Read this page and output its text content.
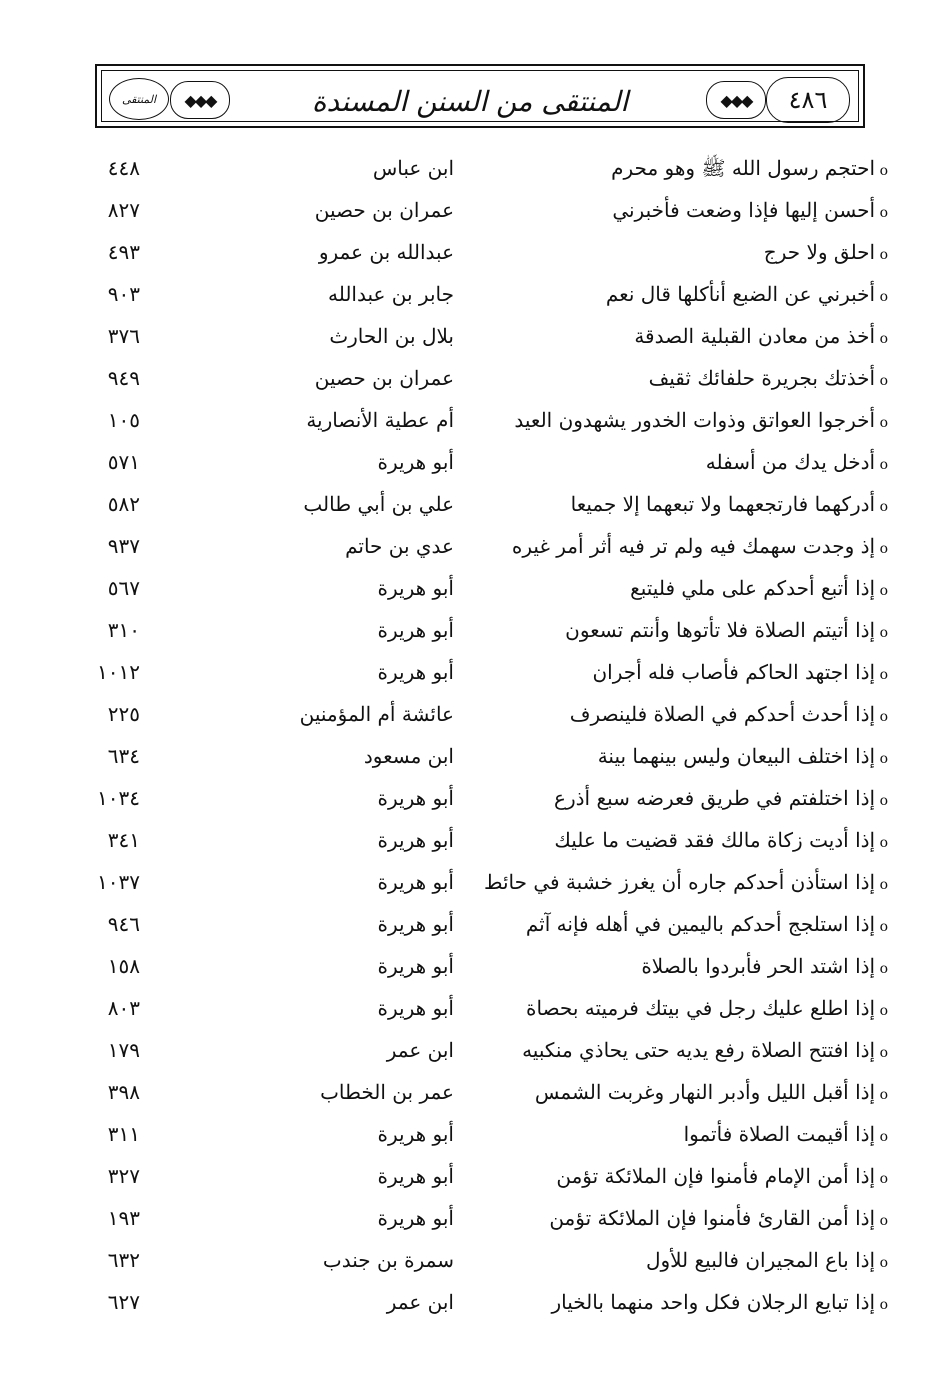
المنتقى	◆◆◆	المنتقى من السنن المسندة	◆◆◆	٤٨٦
o احتجم رسول الله ﷺ وهو محرم
ابن عباس
٤٤٨
o أحسن إليها فإذا وضعت فأخبرني
عمران بن حصين
٨٢٧
o احلق ولا حرج
عبدالله بن عمرو
٤٩٣
o أخبرني عن الضبع أنأكلها قال نعم
جابر بن عبدالله
٩٠٣
o أخذ من معادن القبلية الصدقة
بلال بن الحارث
٣٧٦
o أخذتك بجريرة حلفائك ثقيف
عمران بن حصين
٩٤٩
o أخرجوا العواتق وذوات الخدور يشهدون العيد
أم عطية الأنصارية
١٠٥
o أدخل يدك من أسفله
أبو هريرة
٥٧١
o أدركهما فارتجعهما ولا تبعهما إلا جميعا
علي بن أبي طالب
٥٨٢
o إذ وجدت سهمك فيه ولم تر فيه أثر أمر غيره
عدي بن حاتم
٩٣٧
o إذا أتبع أحدكم على ملي فليتبع
أبو هريرة
٥٦٧
o إذا أتيتم الصلاة فلا تأتوها وأنتم تسعون
أبو هريرة
٣١٠
o إذا اجتهد الحاكم فأصاب فله أجران
أبو هريرة
١٠١٢
o إذا أحدث أحدكم في الصلاة فلينصرف
عائشة أم المؤمنين
٢٢٥
o إذا اختلف البيعان وليس بينهما بينة
ابن مسعود
٦٣٤
o إذا اختلفتم في طريق فعرضه سبع أذرع
أبو هريرة
١٠٣٤
o إذا أديت زكاة مالك فقد قضيت ما عليك
أبو هريرة
٣٤١
o إذا استأذن أحدكم جاره أن يغرز خشبة في حائط
أبو هريرة
١٠٣٧
o إذا استلجج أحدكم باليمين في أهله فإنه آثم
أبو هريرة
٩٤٦
o إذا اشتد الحر فأبردوا بالصلاة
أبو هريرة
١٥٨
o إذا اطلع عليك رجل في بيتك فرميته بحصاة
أبو هريرة
٨٠٣
o إذا افتتح الصلاة رفع يديه حتى يحاذي منكبيه
ابن عمر
١٧٩
o إذا أقبل الليل وأدبر النهار وغربت الشمس
عمر بن الخطاب
٣٩٨
o إذا أقيمت الصلاة فأتموا
أبو هريرة
٣١١
o إذا أمن الإمام فأمنوا فإن الملائكة تؤمن
أبو هريرة
٣٢٧
o إذا أمن القارئ فأمنوا فإن الملائكة تؤمن
أبو هريرة
١٩٣
o إذا باع المجيران فالبيع للأول
سمرة بن جندب
٦٣٢
o إذا تبايع الرجلان فكل واحد منهما بالخيار
ابن عمر
٦٢٧
